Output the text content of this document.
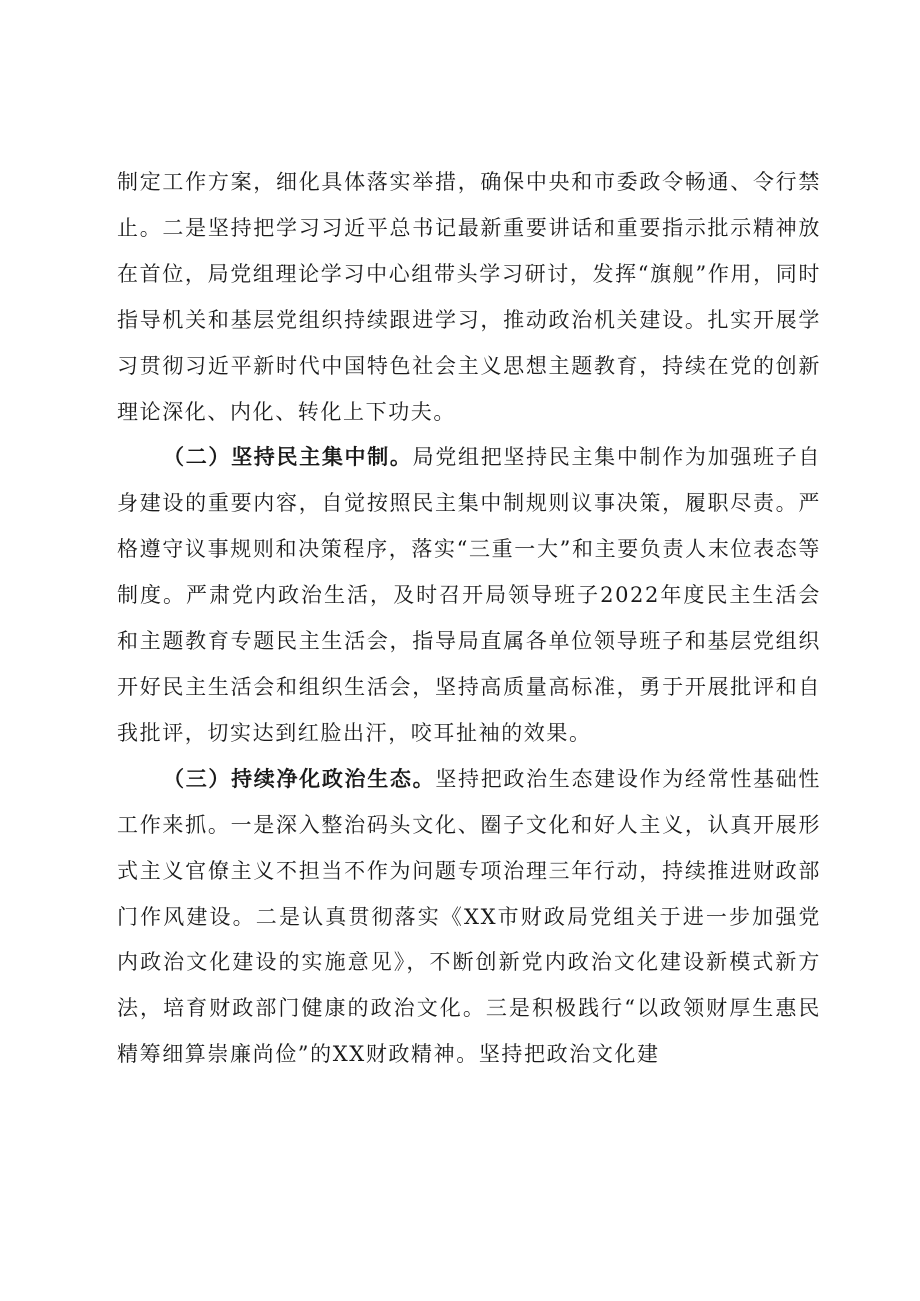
制定工作方案，细化具体落实举措，确保中央和市委政令畅通、令行禁止。二是坚持把学习习近平总书记最新重要讲话和重要指示批示精神放在首位，局党组理论学习中心组带头学习研讨，发挥“旗舰”作用，同时指导机关和基层党组织持续跟进学习，推动政治机关建设。扎实开展学习贯彻习近平新时代中国特色社会主义思想主题教育，持续在党的创新理论深化、内化、转化上下功夫。

（二）坚持民主集中制。局党组把坚持民主集中制作为加强班子自身建设的重要内容，自觉按照民主集中制规则议事决策，履职尽责。严格遵守议事规则和决策程序，落实“三重一大”和主要负责人末位表态等制度。严肃党内政治生活，及时召开局领导班子2022年度民主生活会和主题教育专题民主生活会，指导局直属各单位领导班子和基层党组织开好民主生活会和组织生活会，坚持高质量高标准，勇于开展批评和自我批评，切实达到红脸出汗，咬耳扯袖的效果。

（三）持续净化政治生态。坚持把政治生态建设作为经常性基础性工作来抓。一是深入整治码头文化、圈子文化和好人主义，认真开展形式主义官僚主义不担当不作为问题专项治理三年行动，持续推进财政部门作风建设。二是认真贯彻落实《XX市财政局党组关于进一步加强党内政治文化建设的实施意见》，不断创新党内政治文化建设新模式新方法，培育财政部门健康的政治文化。三是积极践行“以政领财厚生惠民精筹细算崇廉尚俭”的XX财政精神。坚持把政治文化建
